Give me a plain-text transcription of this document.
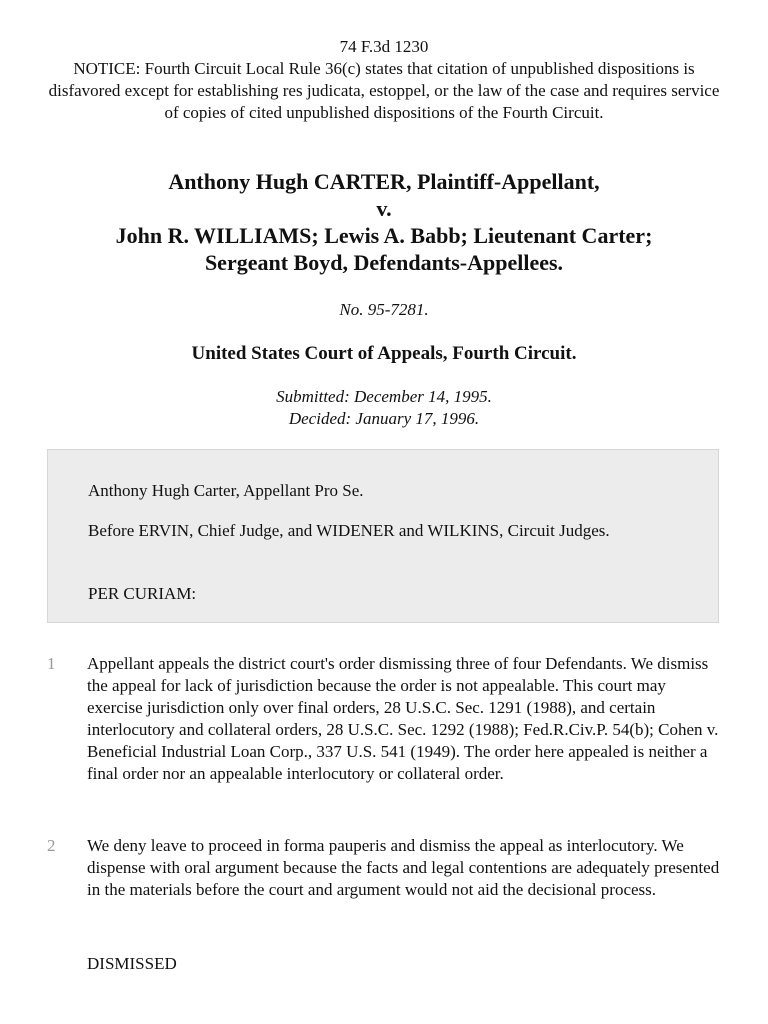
74 F.3d 1230
NOTICE: Fourth Circuit Local Rule 36(c) states that citation of unpublished dispositions is disfavored except for establishing res judicata, estoppel, or the law of the case and requires service of copies of cited unpublished dispositions of the Fourth Circuit.
Anthony Hugh CARTER, Plaintiff-Appellant,
v.
John R. WILLIAMS; Lewis A. Babb; Lieutenant Carter;
Sergeant Boyd, Defendants-Appellees.
No. 95-7281.
United States Court of Appeals, Fourth Circuit.
Submitted: December 14, 1995.
Decided: January 17, 1996.

Anthony Hugh Carter, Appellant Pro Se.

Before ERVIN, Chief Judge, and WIDENER and WILKINS, Circuit Judges.

PER CURIAM:

1 Appellant appeals the district court's order dismissing three of four Defendants. We dismiss the appeal for lack of jurisdiction because the order is not appealable. This court may exercise jurisdiction only over final orders, 28 U.S.C. Sec. 1291 (1988), and certain interlocutory and collateral orders, 28 U.S.C. Sec. 1292 (1988); Fed.R.Civ.P. 54(b); Cohen v. Beneficial Industrial Loan Corp., 337 U.S. 541 (1949). The order here appealed is neither a final order nor an appealable interlocutory or collateral order.
2 We deny leave to proceed in forma pauperis and dismiss the appeal as interlocutory. We dispense with oral argument because the facts and legal contentions are adequately presented in the materials before the court and argument would not aid the decisional process.
DISMISSED
